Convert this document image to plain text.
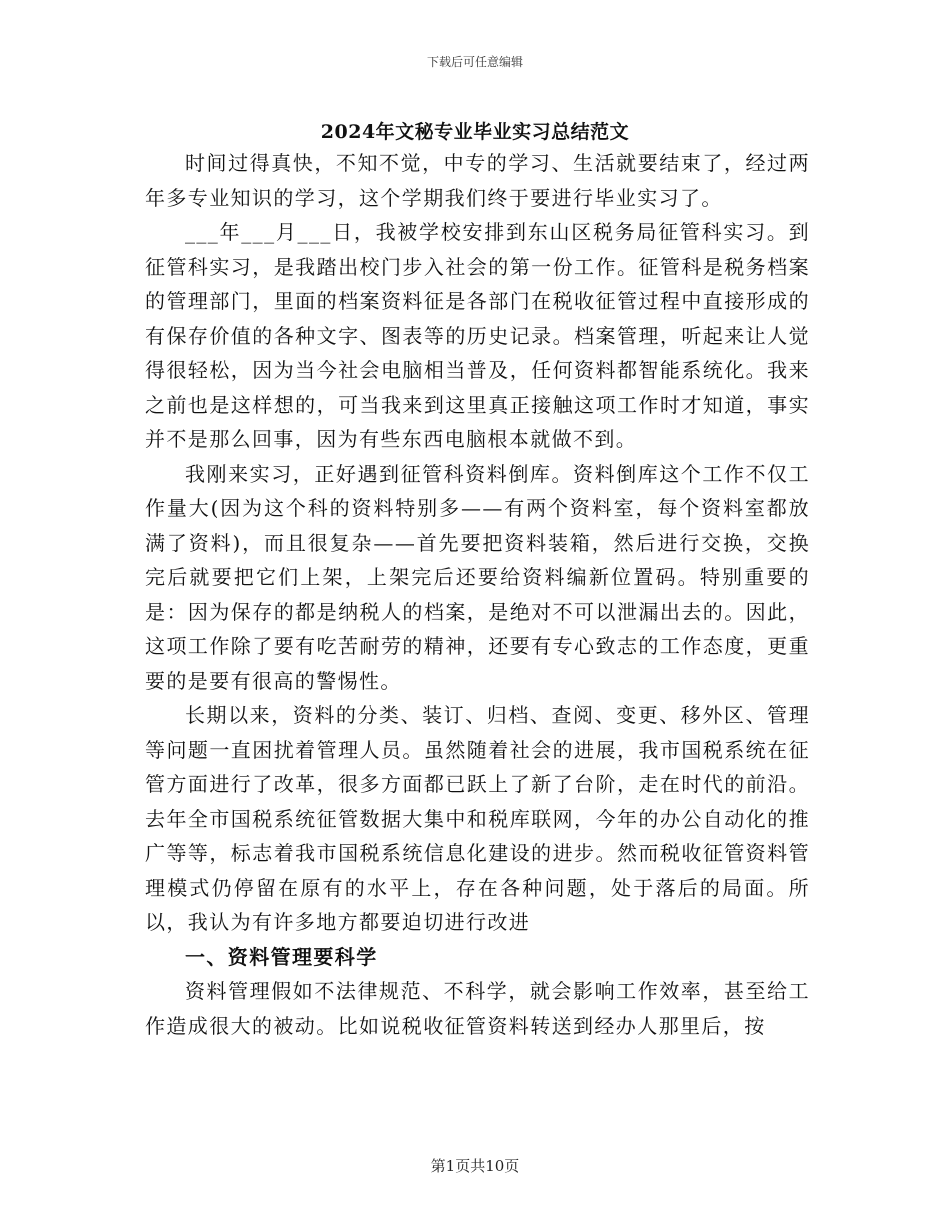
下载后可任意编辑
2024年文秘专业毕业实习总结范文

时间过得真快，不知不觉，中专的学习、生活就要结束了，经过两年多专业知识的学习，这个学期我们终于要进行毕业实习了。

___年___月___日，我被学校安排到东山区税务局征管科实习。到征管科实习，是我踏出校门步入社会的第一份工作。征管科是税务档案的管理部门，里面的档案资料征是各部门在税收征管过程中直接形成的有保存价值的各种文字、图表等的历史记录。档案管理，听起来让人觉得很轻松，因为当今社会电脑相当普及，任何资料都智能系统化。我来之前也是这样想的，可当我来到这里真正接触这项工作时才知道，事实并不是那么回事，因为有些东西电脑根本就做不到。

我刚来实习，正好遇到征管科资料倒库。资料倒库这个工作不仅工作量大(因为这个科的资料特别多——有两个资料室，每个资料室都放满了资料)，而且很复杂——首先要把资料装箱，然后进行交换，交换完后就要把它们上架，上架完后还要给资料编新位置码。特别重要的是：因为保存的都是纳税人的档案，是绝对不可以泄漏出去的。因此，这项工作除了要有吃苦耐劳的精神，还要有专心致志的工作态度，更重要的是要有很高的警惕性。

长期以来，资料的分类、装订、归档、查阅、变更、移外区、管理等问题一直困扰着管理人员。虽然随着社会的进展，我市国税系统在征管方面进行了改革，很多方面都已跃上了新了台阶，走在时代的前沿。去年全市国税系统征管数据大集中和税库联网，今年的办公自动化的推广等等，标志着我市国税系统信息化建设的进步。然而税收征管资料管理模式仍停留在原有的水平上，存在各种问题，处于落后的局面。所以，我认为有许多地方都要迫切进行改进

一、资料管理要科学

资料管理假如不法律规范、不科学，就会影响工作效率，甚至给工作造成很大的被动。比如说税收征管资料转送到经办人那里后，按

第1页共10页
